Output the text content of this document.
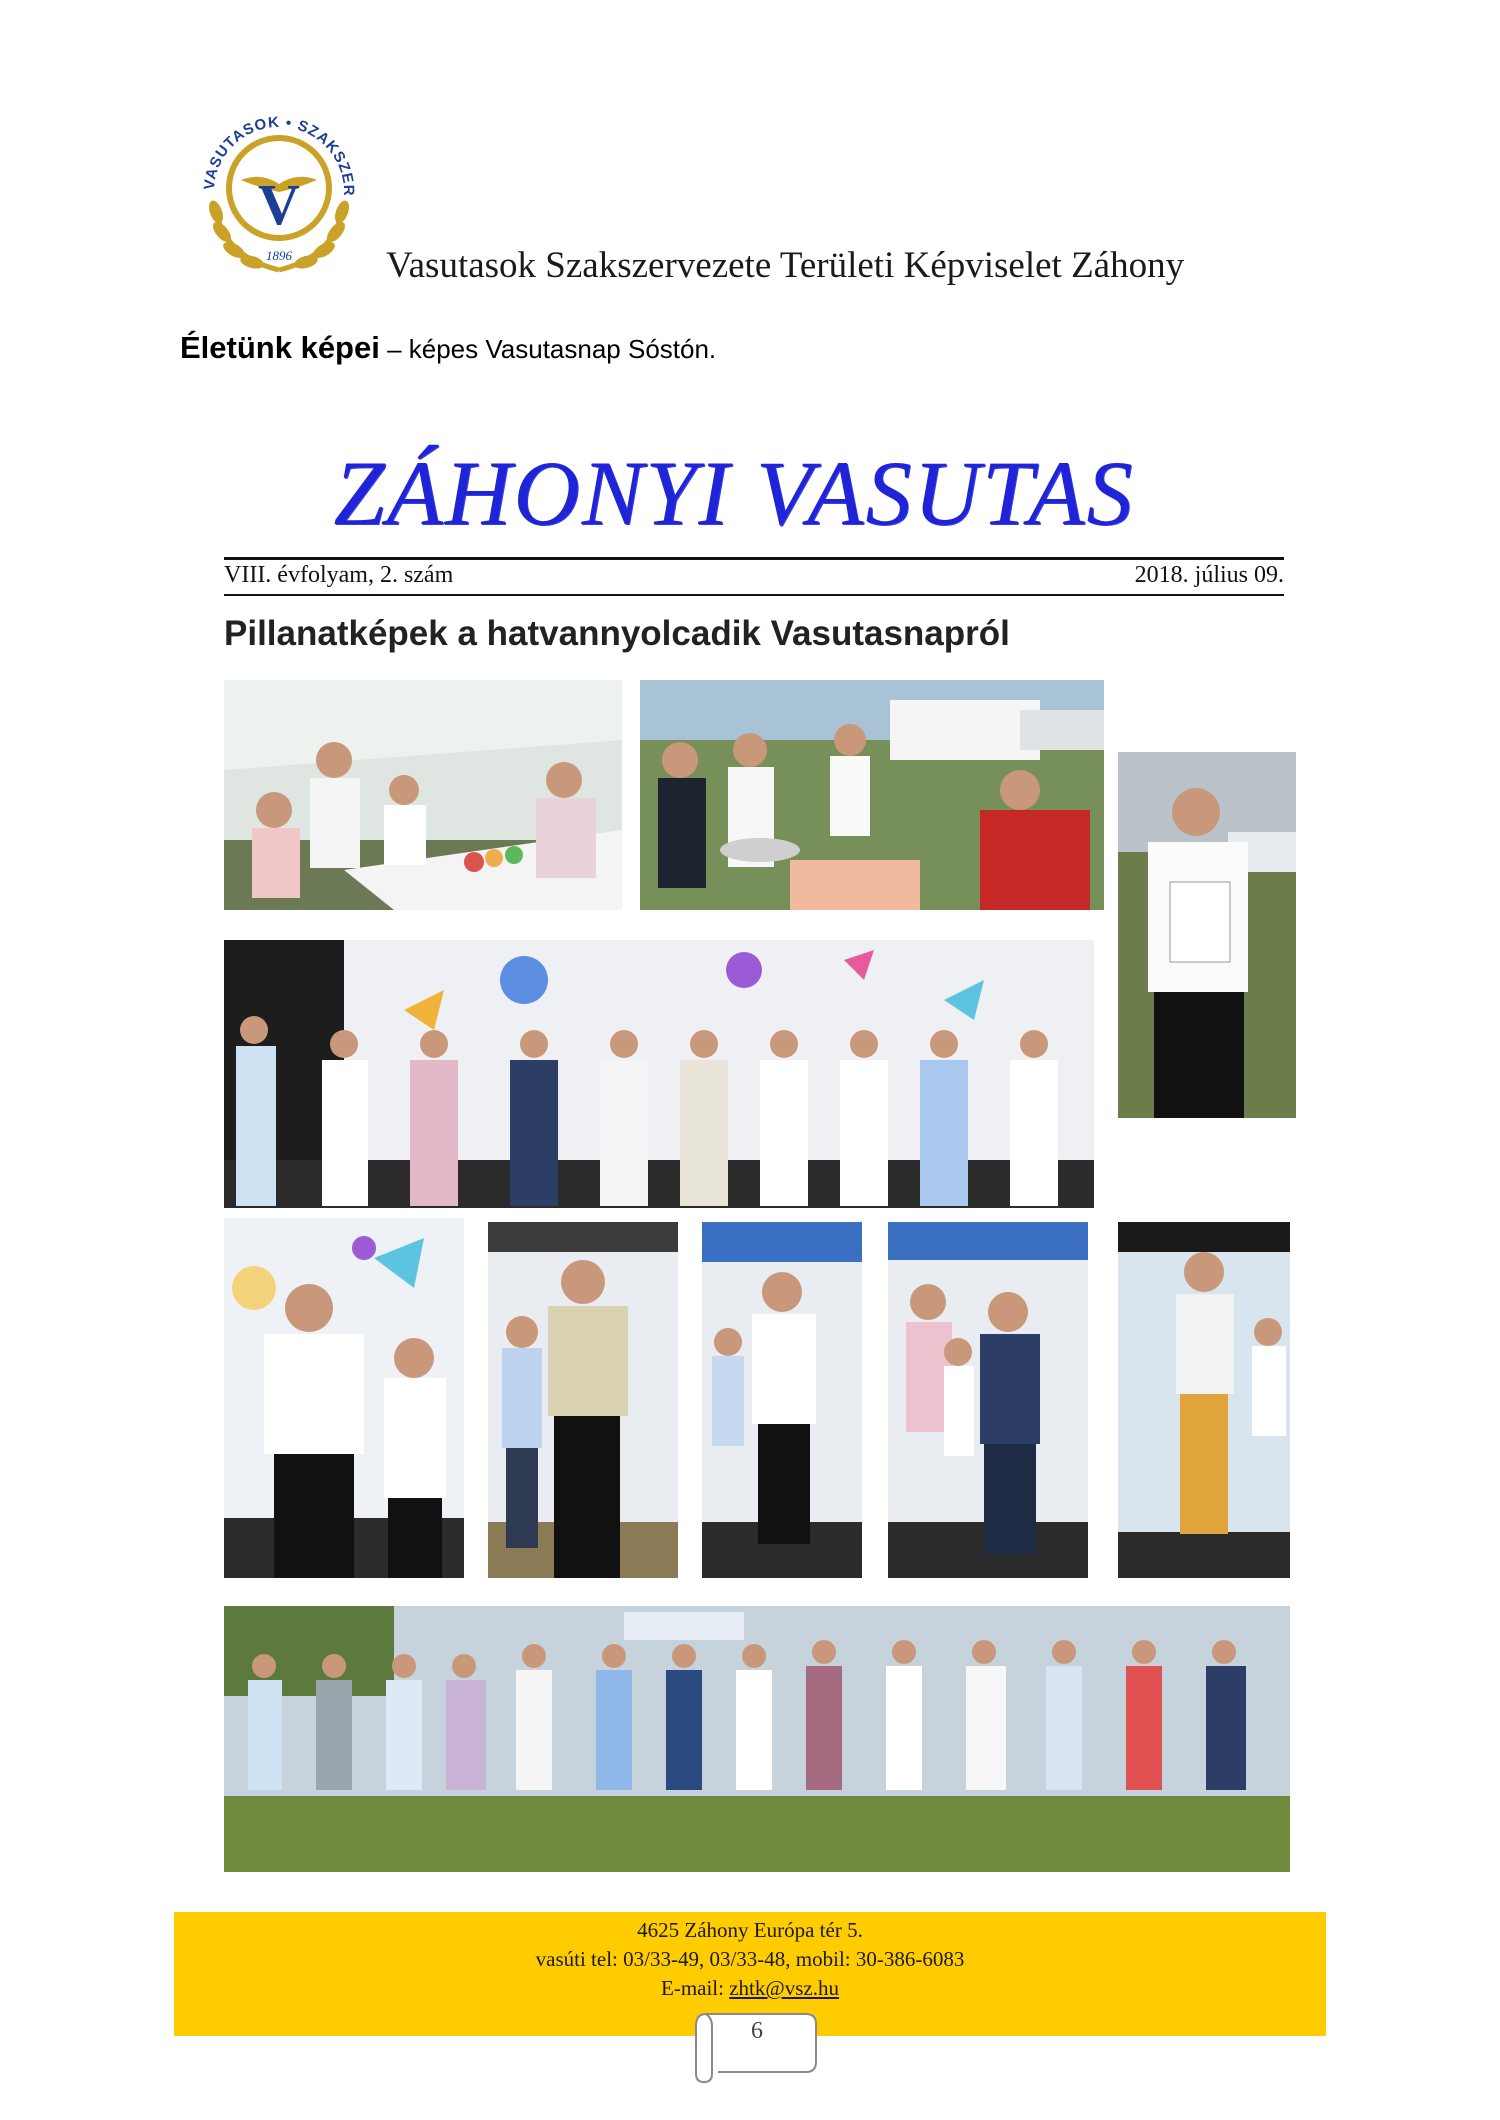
VASUTASOK • SZAKSZER
V
1896	Vasutasok Szakszervezete Területi Képviselet Záhony
Életünk képei – képes Vasutasnap Sóstón.
ZÁHONYI VASUTAS
VIII. évfolyam, 2. szám	2018. július 09.
Pillanatképek a hatvannyolcadik Vasutasnapról
4625 Záhony Európa tér 5.
vasúti tel: 03/33-49, 03/33-48, mobil: 30-386-6083
E-mail: zhtk@vsz.hu
6
